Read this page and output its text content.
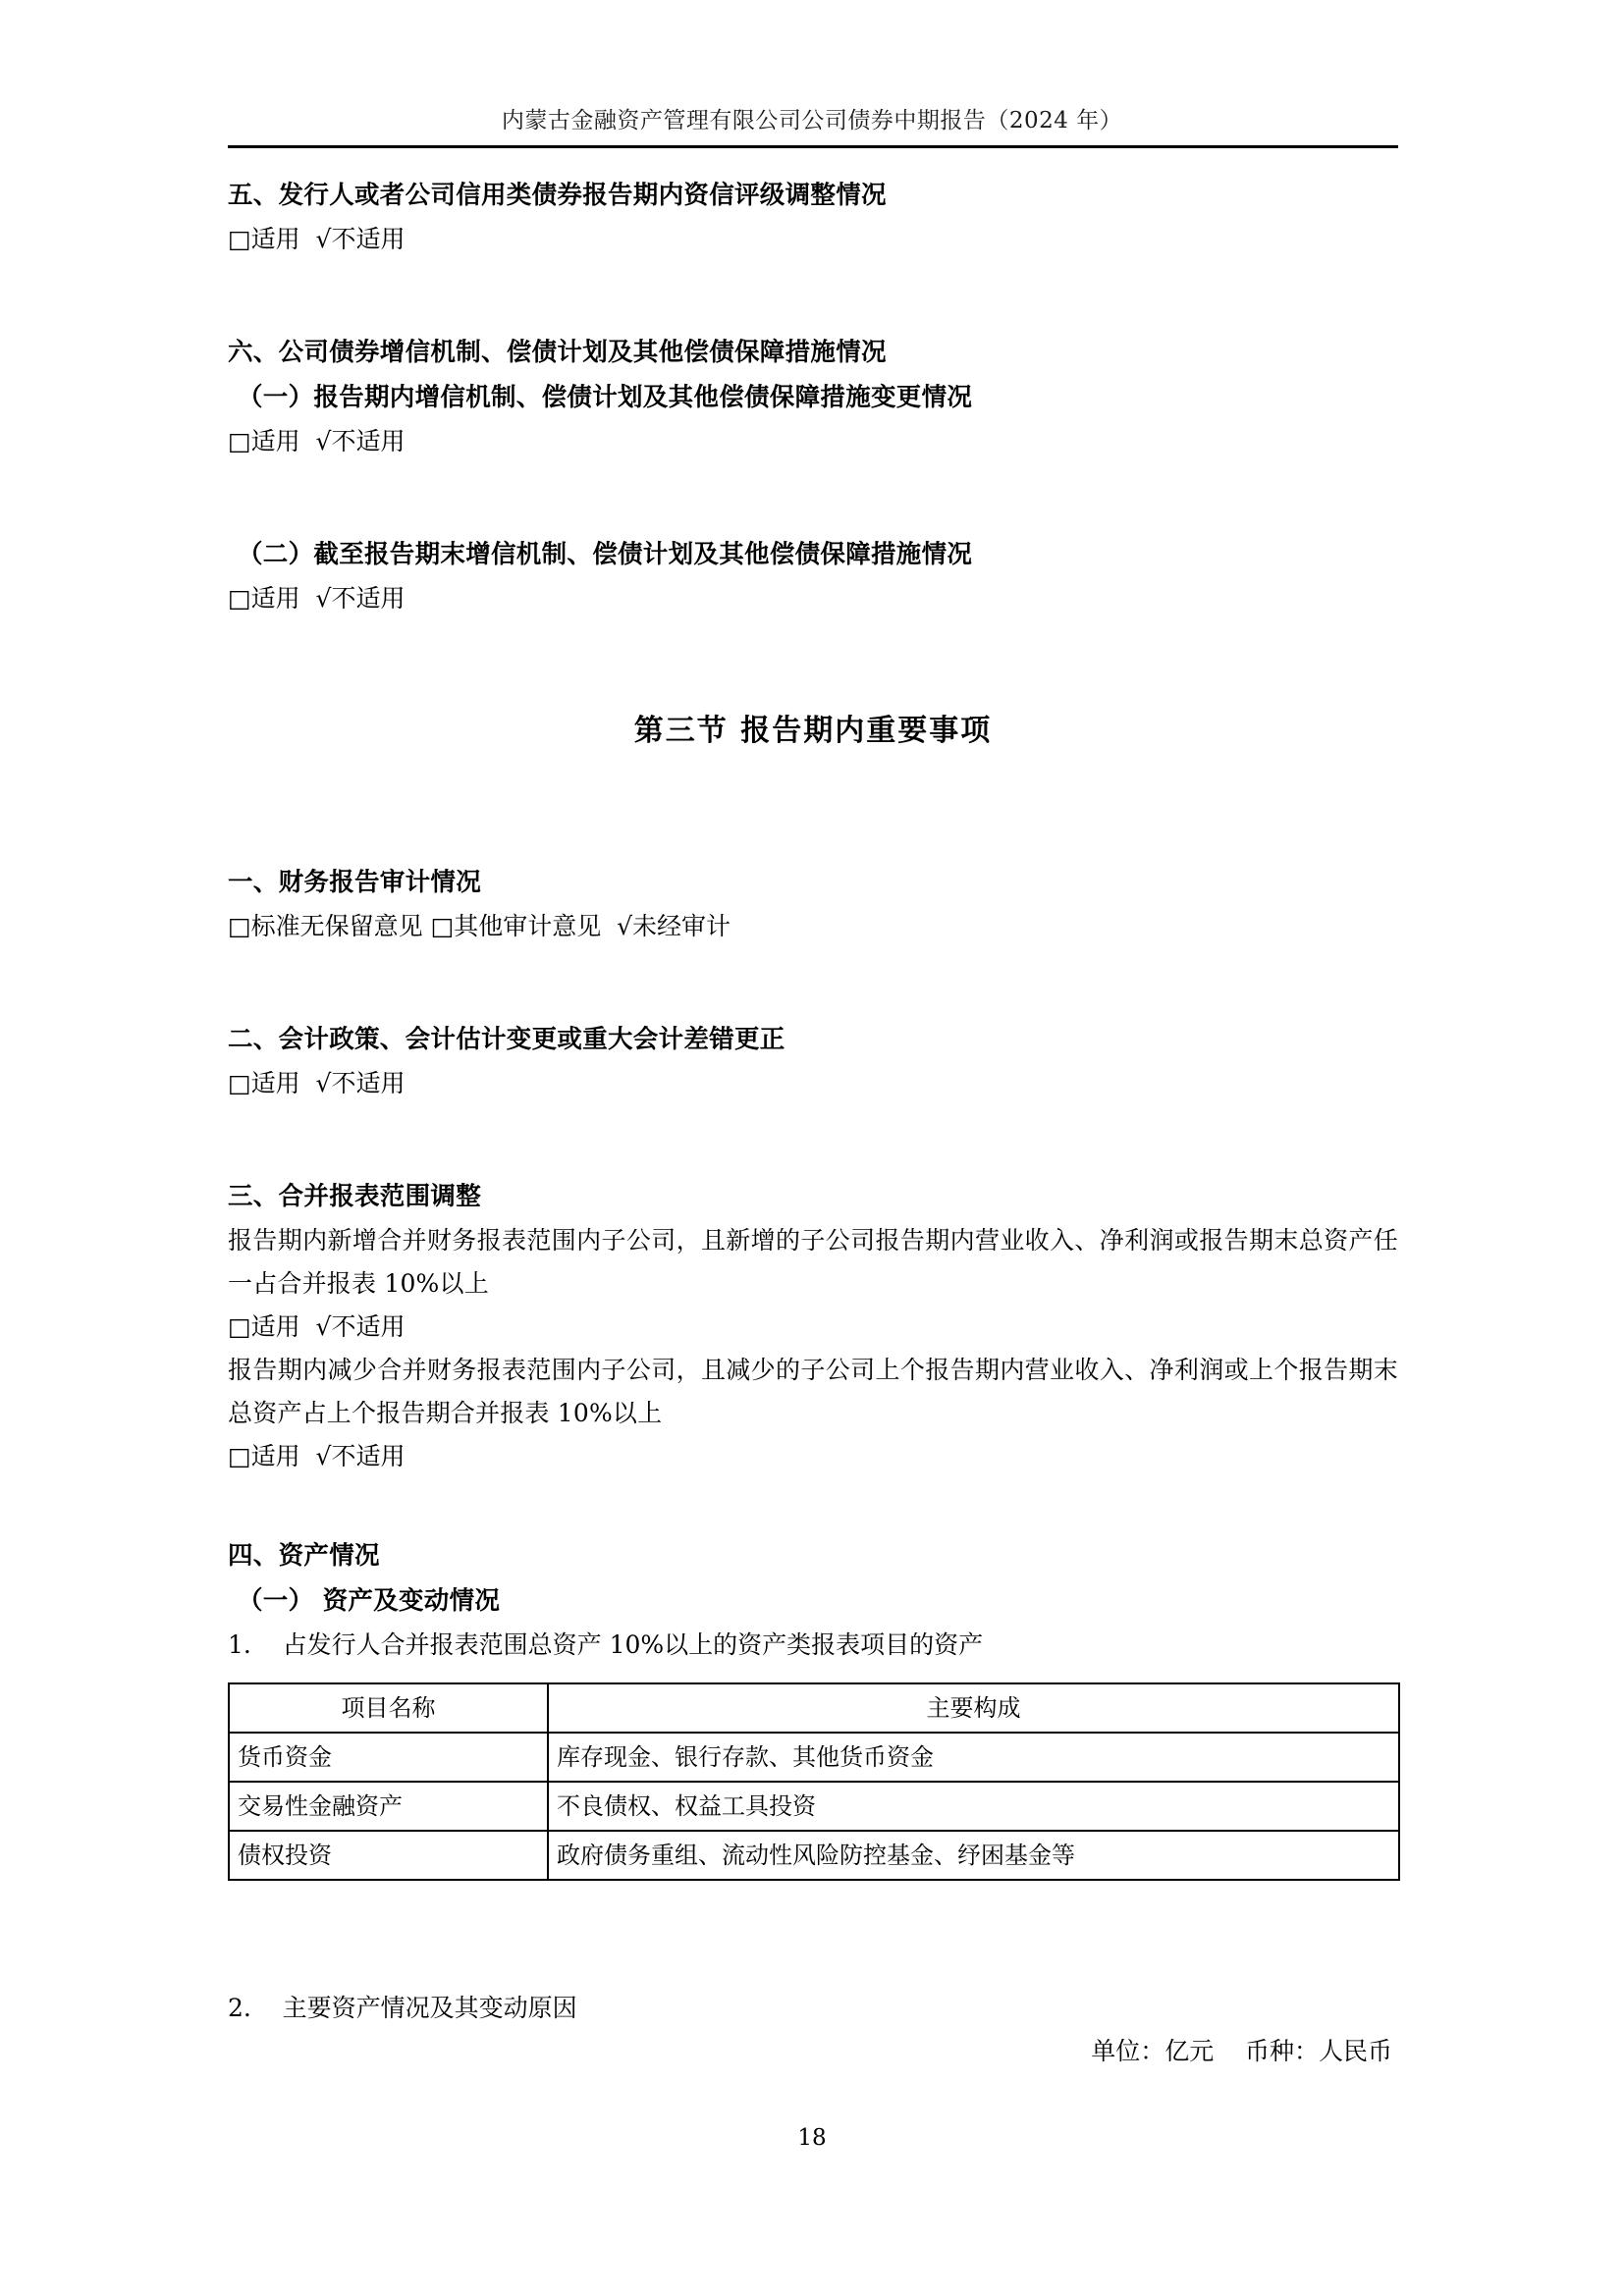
内蒙古金融资产管理有限公司公司债券中期报告（2024 年）

五、发行人或者公司信用类债券报告期内资信评级调整情况

□适用  √不适用

六、公司债券增信机制、偿债计划及其他偿债保障措施情况

（一）报告期内增信机制、偿债计划及其他偿债保障措施变更情况

□适用  √不适用

（二）截至报告期末增信机制、偿债计划及其他偿债保障措施情况

□适用  √不适用

第三节 报告期内重要事项

一、财务报告审计情况

□标准无保留意见 □其他审计意见  √未经审计

二、会计政策、会计估计变更或重大会计差错更正

□适用  √不适用

三、合并报表范围调整

报告期内新增合并财务报表范围内子公司，且新增的子公司报告期内营业收入、净利润或报告期末总资产任一占合并报表 10%以上

□适用  √不适用

报告期内减少合并财务报表范围内子公司，且减少的子公司上个报告期内营业收入、净利润或上个报告期末总资产占上个报告期合并报表 10%以上

□适用  √不适用

四、资产情况

（一） 资产及变动情况

1.    占发行人合并报表范围总资产 10%以上的资产类报表项目的资产

项目名称	主要构成
货币资金	库存现金、银行存款、其他货币资金
交易性金融资产	不良债权、权益工具投资
债权投资	政府债务重组、流动性风险防控基金、纾困基金等

2.    主要资产情况及其变动原因

单位：亿元    币种：人民币

18
